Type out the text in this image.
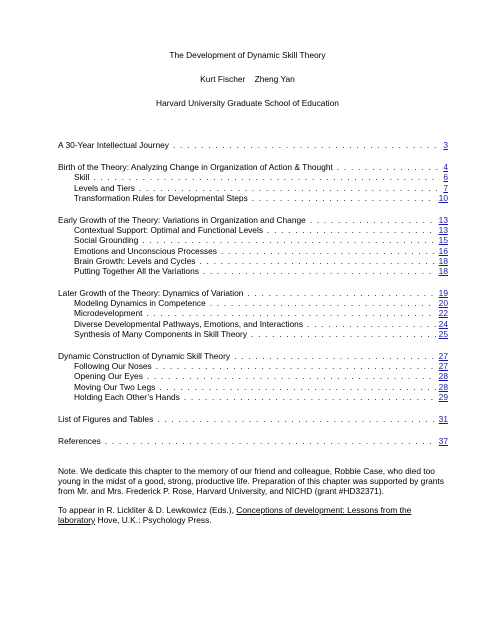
The Development of Dynamic Skill Theory
Kurt Fischer    Zheng Yan
Harvard University Graduate School of Education
A 30-Year Intellectual Journey . . .	3
Birth of the Theory: Analyzing Change in Organization of Action & Thought . . .	4
Skill . . .	6
Levels and Tiers . . .	7
Transformation Rules for Developmental Steps . . .	10
Early Growth of the Theory: Variations in Organization and Change . . .	13
Contextual Support: Optimal and Functional Levels . . .	13
Social Grounding . . .	15
Emotions and Unconscious Processes . . .	16
Brain Growth: Levels and Cycles . . .	18
Putting Together All the Variations . . .	18
Later Growth of the Theory: Dynamics of Variation . . .	19
Modeling Dynamics in Competence . . .	20
Microdevelopment . . .	22
Diverse Developmental Pathways, Emotions, and Interactions . . .	24
Synthesis of Many Components in Skill Theory . . .	25
Dynamic Construction of Dynamic Skill Theory . . .	27
Following Our Noses . . .	27
Opening Our Eyes . . .	28
Moving Our Two Legs . . .	28
Holding Each Other’s Hands . . .	29
List of Figures and Tables . . .	31
References . . .	37

Note. We dedicate this chapter to the memory of our friend and colleague, Robbie Case, who died too young in the midst of a good, strong, productive life. Preparation of this chapter was supported by grants from Mr. and Mrs. Frederick P. Rose, Harvard University, and NICHD (grant #HD32371).

To appear in R. Lickliter & D. Lewkowicz (Eds.), Conceptions of development: Lessons from the laboratory Hove, U.K.: Psychology Press.
